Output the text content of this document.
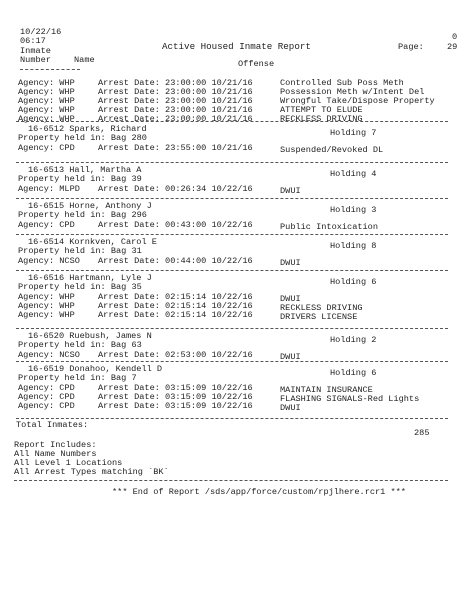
10/22/16
06:17	Active Housed Inmate Report
0
Page:	29
Inmate
Number	Name	Offense
Agency: WHP	Arrest Date: 23:00:00 10/21/16	Controlled Sub Poss Meth
Agency: WHP	Arrest Date: 23:00:00 10/21/16	Possession Meth w/Intent Del
Agency: WHP	Arrest Date: 23:00:00 10/21/16	Wrongful Take/Dispose Property
Agency: WHP	Arrest Date: 23:00:00 10/21/16	ATTEMPT TO ELUDE
Agency: WHP	Arrest Date: 23:00:00 10/21/16	RECKLESS DRIVING
16-6512 Sparks, Richard	Holding 7
Property held in: Bag 280
Agency: CPD	Arrest Date: 23:55:00 10/21/16	Suspended/Revoked DL
16-6513 Hall, Martha A	Holding 4
Property held in: Bag 39
Agency: MLPD Arrest Date: 00:26:34 10/22/16	DWUI
16-6515 Horne, Anthony J	Holding 3
Property held in: Bag 296
Agency: CPD	Arrest Date: 00:43:00 10/22/16	Public Intoxication
16-6514 Kornkven, Carol E	Holding 8
Property held in: Bag 31
Agency: NCSO Arrest Date: 00:44:00 10/22/16	DWUI
16-6516 Hartmann, Lyle J	Holding 6
Property held in: Bag 35
Agency: WHP	Arrest Date: 02:15:14 10/22/16	DWUI
Agency: WHP	Arrest Date: 02:15:14 10/22/16	RECKLESS DRIVING
Agency: WHP	Arrest Date: 02:15:14 10/22/16	DRIVERS LICENSE
16-6520 Ruebush, James N	Holding 2
Property held in: Bag 63
Agency: NCSO Arrest Date: 02:53:00 10/22/16	DWUI
16-6519 Donahoo, Kendell D	Holding 6
Property held in: Bag 7
Agency: CPD	Arrest Date: 03:15:09 10/22/16	MAINTAIN INSURANCE
Agency: CPD	Arrest Date: 03:15:09 10/22/16	FLASHING SIGNALS-Red Lights
Agency: CPD	Arrest Date: 03:15:09 10/22/16	DWUI
Total Inmates:
285
Report Includes:
All Name Numbers
All Level 1 Locations
All Arrest Types matching `BK`
*** End of Report /sds/app/force/custom/rpjlhere.rcr1 ***
